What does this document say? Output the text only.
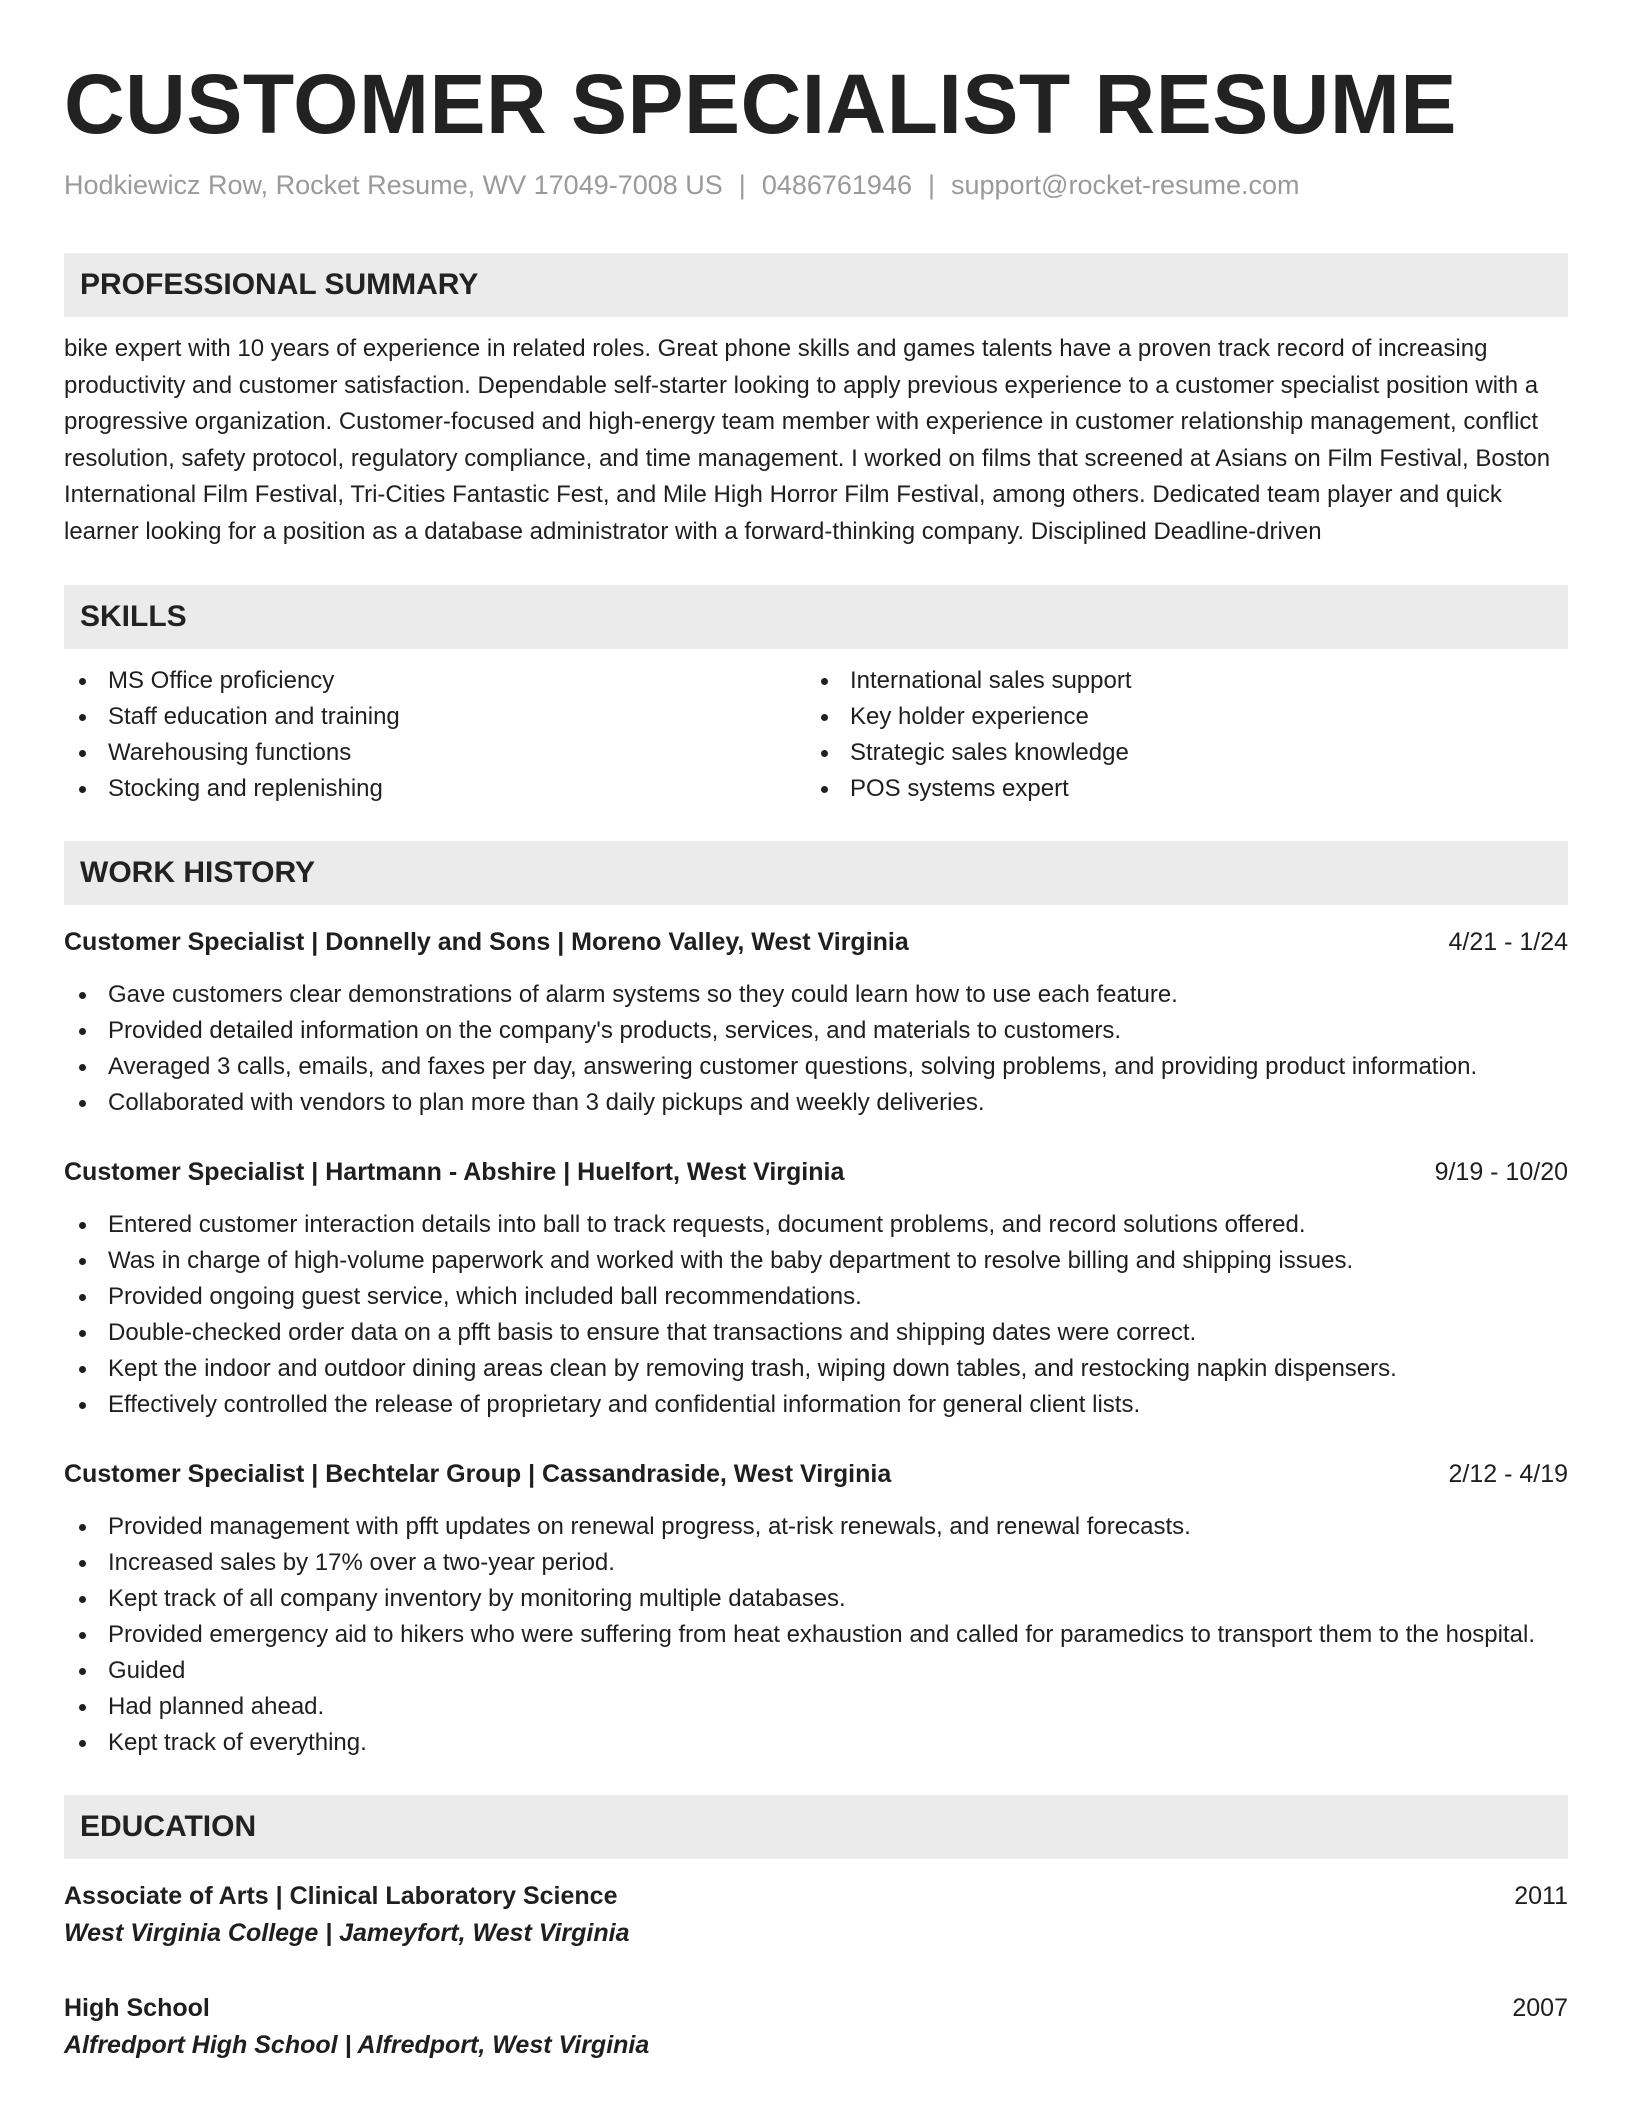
CUSTOMER SPECIALIST RESUME
Hodkiewicz Row, Rocket Resume, WV 17049-7008 US | 0486761946 | support@rocket-resume.com
PROFESSIONAL SUMMARY
bike expert with 10 years of experience in related roles. Great phone skills and games talents have a proven track record of increasing productivity and customer satisfaction. Dependable self-starter looking to apply previous experience to a customer specialist position with a progressive organization. Customer-focused and high-energy team member with experience in customer relationship management, conflict resolution, safety protocol, regulatory compliance, and time management. I worked on films that screened at Asians on Film Festival, Boston International Film Festival, Tri-Cities Fantastic Fest, and Mile High Horror Film Festival, among others. Dedicated team player and quick learner looking for a position as a database administrator with a forward-thinking company. Disciplined Deadline-driven
SKILLS
MS Office proficiency
Staff education and training
Warehousing functions
Stocking and replenishing
International sales support
Key holder experience
Strategic sales knowledge
POS systems expert
WORK HISTORY
Customer Specialist | Donnelly and Sons | Moreno Valley, West Virginia	4/21 - 1/24
Gave customers clear demonstrations of alarm systems so they could learn how to use each feature.
Provided detailed information on the company's products, services, and materials to customers.
Averaged 3 calls, emails, and faxes per day, answering customer questions, solving problems, and providing product information.
Collaborated with vendors to plan more than 3 daily pickups and weekly deliveries.
Customer Specialist | Hartmann - Abshire | Huelfort, West Virginia	9/19 - 10/20
Entered customer interaction details into ball to track requests, document problems, and record solutions offered.
Was in charge of high-volume paperwork and worked with the baby department to resolve billing and shipping issues.
Provided ongoing guest service, which included ball recommendations.
Double-checked order data on a pfft basis to ensure that transactions and shipping dates were correct.
Kept the indoor and outdoor dining areas clean by removing trash, wiping down tables, and restocking napkin dispensers.
Effectively controlled the release of proprietary and confidential information for general client lists.
Customer Specialist | Bechtelar Group | Cassandraside, West Virginia	2/12 - 4/19
Provided management with pfft updates on renewal progress, at-risk renewals, and renewal forecasts.
Increased sales by 17% over a two-year period.
Kept track of all company inventory by monitoring multiple databases.
Provided emergency aid to hikers who were suffering from heat exhaustion and called for paramedics to transport them to the hospital.
Guided
Had planned ahead.
Kept track of everything.
EDUCATION
Associate of Arts | Clinical Laboratory Science	2011
West Virginia College | Jameyfort, West Virginia
High School	2007
Alfredport High School | Alfredport, West Virginia
